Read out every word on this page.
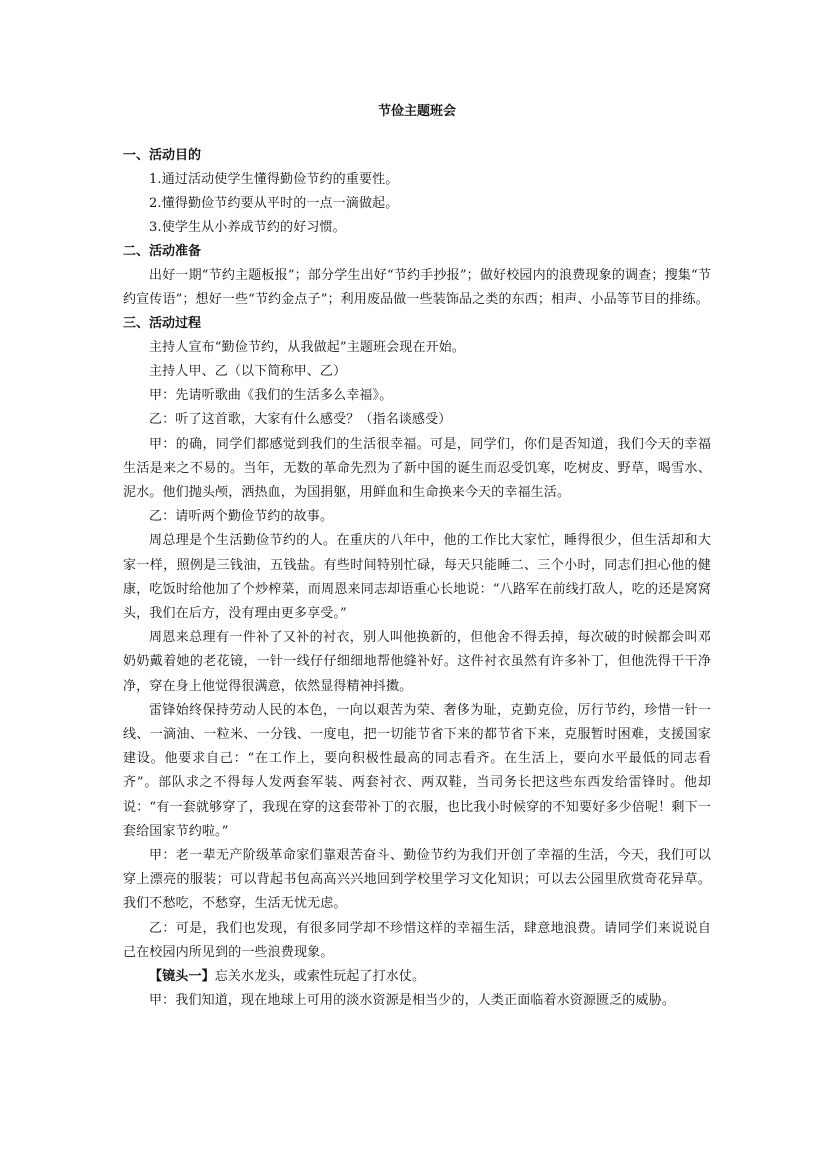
节俭主题班会
一、活动目的

1.通过活动使学生懂得勤俭节约的重要性。

2.懂得勤俭节约要从平时的一点一滴做起。

3.使学生从小养成节约的好习惯。

二、活动准备

出好一期“节约主题板报”；部分学生出好“节约手抄报”；做好校园内的浪费现象的调查；搜集“节约宣传语”；想好一些“节约金点子”；利用废品做一些装饰品之类的东西；相声、小品等节目的排练。

三、活动过程

主持人宣布“勤俭节约，从我做起”主题班会现在开始。

主持人甲、乙（以下简称甲、乙）

甲：先请听歌曲《我们的生活多么幸福》。

乙：听了这首歌，大家有什么感受？（指名谈感受）

甲：的确，同学们都感觉到我们的生活很幸福。可是，同学们，你们是否知道，我们今天的幸福生活是来之不易的。当年，无数的革命先烈为了新中国的诞生而忍受饥寒，吃树皮、野草，喝雪水、泥水。他们抛头颅，洒热血，为国捐躯，用鲜血和生命换来今天的幸福生活。

乙：请听两个勤俭节约的故事。

周总理是个生活勤俭节约的人。在重庆的八年中，他的工作比大家忙，睡得很少，但生活却和大家一样，照例是三钱油，五钱盐。有些时间特别忙碌，每天只能睡二、三个小时，同志们担心他的健康，吃饭时给他加了个炒榨菜，而周恩来同志却语重心长地说：“八路军在前线打敌人，吃的还是窝窝头，我们在后方，没有理由更多享受。”

周恩来总理有一件补了又补的衬衣，别人叫他换新的，但他舍不得丢掉，每次破的时候都会叫邓奶奶戴着她的老花镜，一针一线仔仔细细地帮他缝补好。这件衬衣虽然有许多补丁，但他洗得干干净净，穿在身上他觉得很满意，依然显得精神抖擞。

雷锋始终保持劳动人民的本色，一向以艰苦为荣、奢侈为耻，克勤克俭，厉行节约，珍惜一针一线、一滴油、一粒米、一分钱、一度电，把一切能节省下来的都节省下来，克服暂时困难，支援国家建设。他要求自己：“在工作上，要向积极性最高的同志看齐。在生活上，要向水平最低的同志看齐”。部队求之不得每人发两套军装、两套衬衣、两双鞋，当司务长把这些东西发给雷锋时。他却说：“有一套就够穿了，我现在穿的这套带补丁的衣服，也比我小时候穿的不知要好多少倍呢！剩下一套给国家节约啦。”

甲：老一辈无产阶级革命家们靠艰苦奋斗、勤俭节约为我们开创了幸福的生活，今天，我们可以穿上漂亮的服装；可以背起书包高高兴兴地回到学校里学习文化知识；可以去公园里欣赏奇花异草。我们不愁吃，不愁穿，生活无忧无虑。

乙：可是，我们也发现，有很多同学却不珍惜这样的幸福生活，肆意地浪费。请同学们来说说自己在校园内所见到的一些浪费现象。

【镜头一】忘关水龙头，或索性玩起了打水仗。

甲：我们知道，现在地球上可用的淡水资源是相当少的，人类正面临着水资源匮乏的威胁。
